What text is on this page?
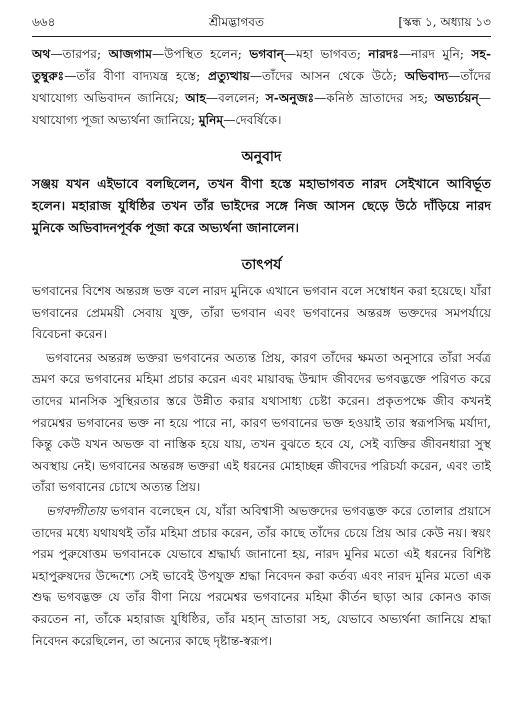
৬৬৪	শ্রীমদ্ভাগবত	[স্কন্ধ ১, অধ্যায় ১৩
অথ—তারপর; আজগাম—উপস্থিত হলেন; ভগবান্—মহা ভাগবত; নারদঃ—নারদ মুনি; সহ-তুম্বুরুঃ—তাঁর বীণা বাদ্যযন্ত্র হস্তে; প্রত্যুত্থায়—তাঁদের আসন থেকে উঠে; অভিবাদ্য—তাঁদের যথাযোগ্য অভিবাদন জানিয়ে; আহ—বললেন; স-অনুজঃ—কনিষ্ঠ ভ্রাতাদের সহ; অভ্যর্চয়ন্—যথাযোগ্য পূজা অভ্যর্থনা জানিয়ে; মুনিম্—দেবর্ষিকে।
অনুবাদ
সঞ্জয় যখন এইভাবে বলছিলেন, তখন বীণা হস্তে মহাভাগবত নারদ সেইখানে আবির্ভূত হলেন। মহারাজ যুধিষ্ঠির তখন তাঁর ভাইদের সঙ্গে নিজ আসন ছেড়ে উঠে দাঁড়িয়ে নারদ মুনিকে অভিবাদনপূর্বক পূজা করে অভ্যর্থনা জানালেন।
তাৎপর্য

ভগবানের বিশেষ অন্তরঙ্গ ভক্ত বলে নারদ মুনিকে এখানে ভগবান বলে সম্বোধন করা হয়েছে। যাঁরা ভগবানের প্রেমময়ী সেবায় যুক্ত, তাঁরা ভগবান এবং ভগবানের অন্তরঙ্গ ভক্তদের সমপর্যায়ে বিবেচনা করেন।

ভগবানের অন্তরঙ্গ ভক্তরা ভগবানের অত্যন্ত প্রিয়, কারণ তাঁদের ক্ষমতা অনুসারে তাঁরা সর্বত্র ভ্রমণ করে ভগবানের মহিমা প্রচার করেন এবং মায়াবদ্ধ উন্মাদ জীবদের ভগবদ্ভক্তে পরিণত করে তাদের মানসিক সুস্থিরতার স্তরে উন্নীত করার যথাসাধ্য চেষ্টা করেন। প্রকৃতপক্ষে জীব কখনই পরমেশ্বর ভগবানের ভক্ত না হয়ে পারে না, কারণ ভগবানের ভক্ত হওয়াই তার স্বরূপসিদ্ধ মর্যাদা, কিন্তু কেউ যখন অভক্ত বা নাস্তিক হয়ে যায়, তখন বুঝতে হবে যে, সেই ব্যক্তির জীবনধারা সুস্থ অবস্থায় নেই। ভগবানের অন্তরঙ্গ ভক্তরা এই ধরনের মোহাচ্ছন্ন জীবদের পরিচর্যা করেন, এবং তাই তাঁরা ভগবানের চোখে অত্যন্ত প্রিয়।

ভগবদ্গীতায় ভগবান বলেছেন যে, যাঁরা অবিশ্বাসী অভক্তদের ভগবদ্ভক্ত করে তোলার প্রয়াসে তাদের মধ্যে যথাযথই তাঁর মহিমা প্রচার করেন, তাঁর কাছে তাঁদের চেয়ে প্রিয় আর কেউ নয়। স্বয়ং পরম পুরুষোত্তম ভগবানকে যেভাবে শ্রদ্ধার্ঘ্য জানানো হয়, নারদ মুনির মতো এই ধরনের বিশিষ্ট মহাপুরুষদের উদ্দেশ্যে সেই ভাবেই উপযুক্ত শ্রদ্ধা নিবেদন করা কর্তব্য এবং নারদ মুনির মতো এক শুদ্ধ ভগবদ্ভক্ত যে তাঁর বীণা নিয়ে পরমেশ্বর ভগবানের মহিমা কীর্তন ছাড়া আর কোনও কাজ করতেন না, তাঁকে মহারাজ যুধিষ্ঠির, তাঁর মহান্ ভ্রাতারা সহ, যেভাবে অভ্যর্থনা জানিয়ে শ্রদ্ধা নিবেদন করেছিলেন, তা অন্যের কাছে দৃষ্টান্ত-স্বরূপ।
